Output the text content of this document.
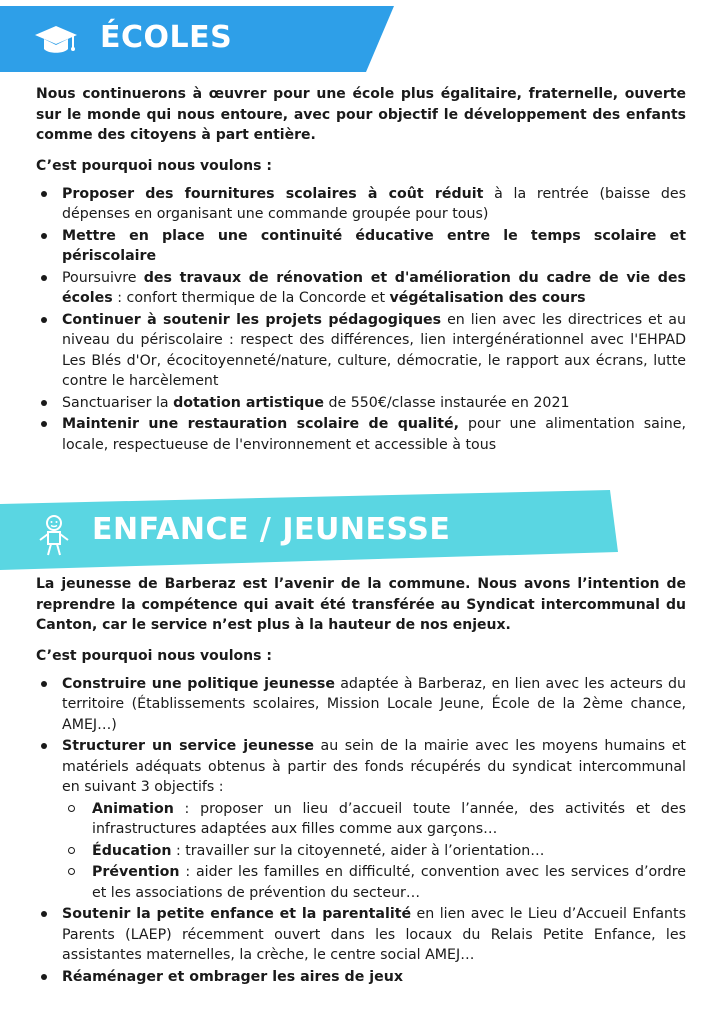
ÉCOLES

Nous continuerons à œuvrer pour une école plus égalitaire, fraternelle, ouverte sur le monde qui nous entoure, avec pour objectif le développement des enfants comme des citoyens à part entière.

C’est pourquoi nous voulons :

Proposer des fournitures scolaires à coût réduit à la rentrée (baisse des dépenses en organisant une commande groupée pour tous)
Mettre en place une continuité éducative entre le temps scolaire et périscolaire
Poursuivre des travaux de rénovation et d'amélioration du cadre de vie des écoles : confort thermique de la Concorde et végétalisation des cours
Continuer à soutenir les projets pédagogiques en lien avec les directrices et au niveau du périscolaire : respect des différences, lien intergénérationnel avec l'EHPAD Les Blés d'Or, écocitoyenneté/nature, culture, démocratie, le rapport aux écrans, lutte contre le harcèlement
Sanctuariser la dotation artistique de 550€/classe instaurée en 2021
Maintenir une restauration scolaire de qualité, pour une alimentation saine, locale, respectueuse de l'environnement et accessible à tous
ENFANCE / JEUNESSE

La jeunesse de Barberaz est l’avenir de la commune. Nous avons l’intention de reprendre la compétence qui avait été transférée au Syndicat intercommunal du Canton, car le service n’est plus à la hauteur de nos enjeux.

C’est pourquoi nous voulons :

Construire une politique jeunesse adaptée à Barberaz, en lien avec les acteurs du territoire (Établissements scolaires, Mission Locale Jeune, École de la 2ème chance, AMEJ…)
Structurer un service jeunesse au sein de la mairie avec les moyens humains et matériels adéquats obtenus à partir des fonds récupérés du syndicat intercommunal en suivant 3 objectifs :
Animation : proposer un lieu d’accueil toute l’année, des activités et des infrastructures adaptées aux filles comme aux garçons…
Éducation : travailler sur la citoyenneté, aider à l’orientation…
Prévention : aider les familles en difficulté, convention avec les services d’ordre et les associations de prévention du secteur…
Soutenir la petite enfance et la parentalité en lien avec le Lieu d’Accueil Enfants Parents (LAEP) récemment ouvert dans les locaux du Relais Petite Enfance, les assistantes maternelles, la crèche, le centre social AMEJ…
Réaménager et ombrager les aires de jeux
